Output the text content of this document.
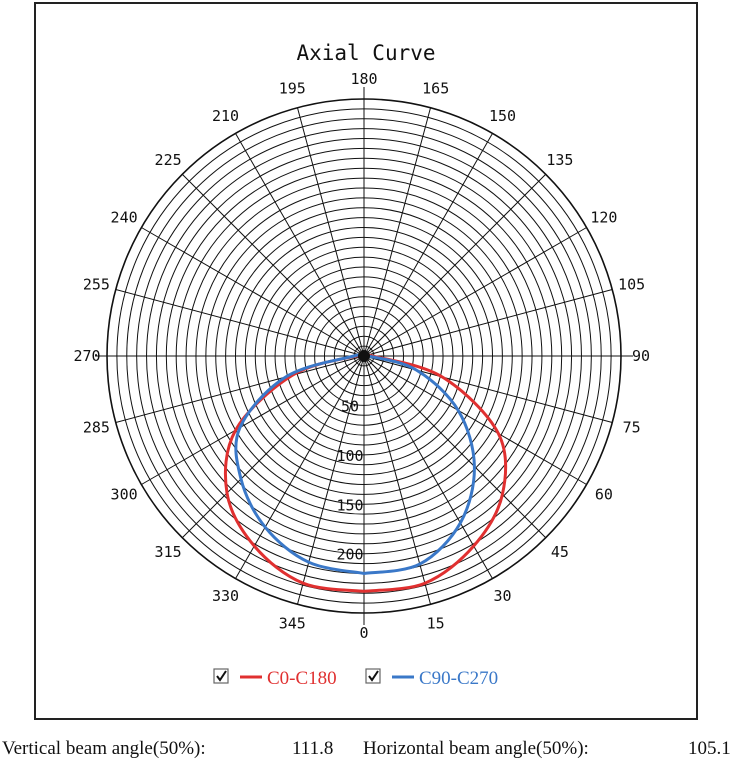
Axial Curve
180
165
150
135
120
105
90
75
60
45
30
15
0
345
330
315
300
285
270
255
240
225
210
195
50
100
150
200
C0-C180	C90-C270
Vertical beam angle(50%):	111.8 Horizontal beam angle(50%):	105.1
